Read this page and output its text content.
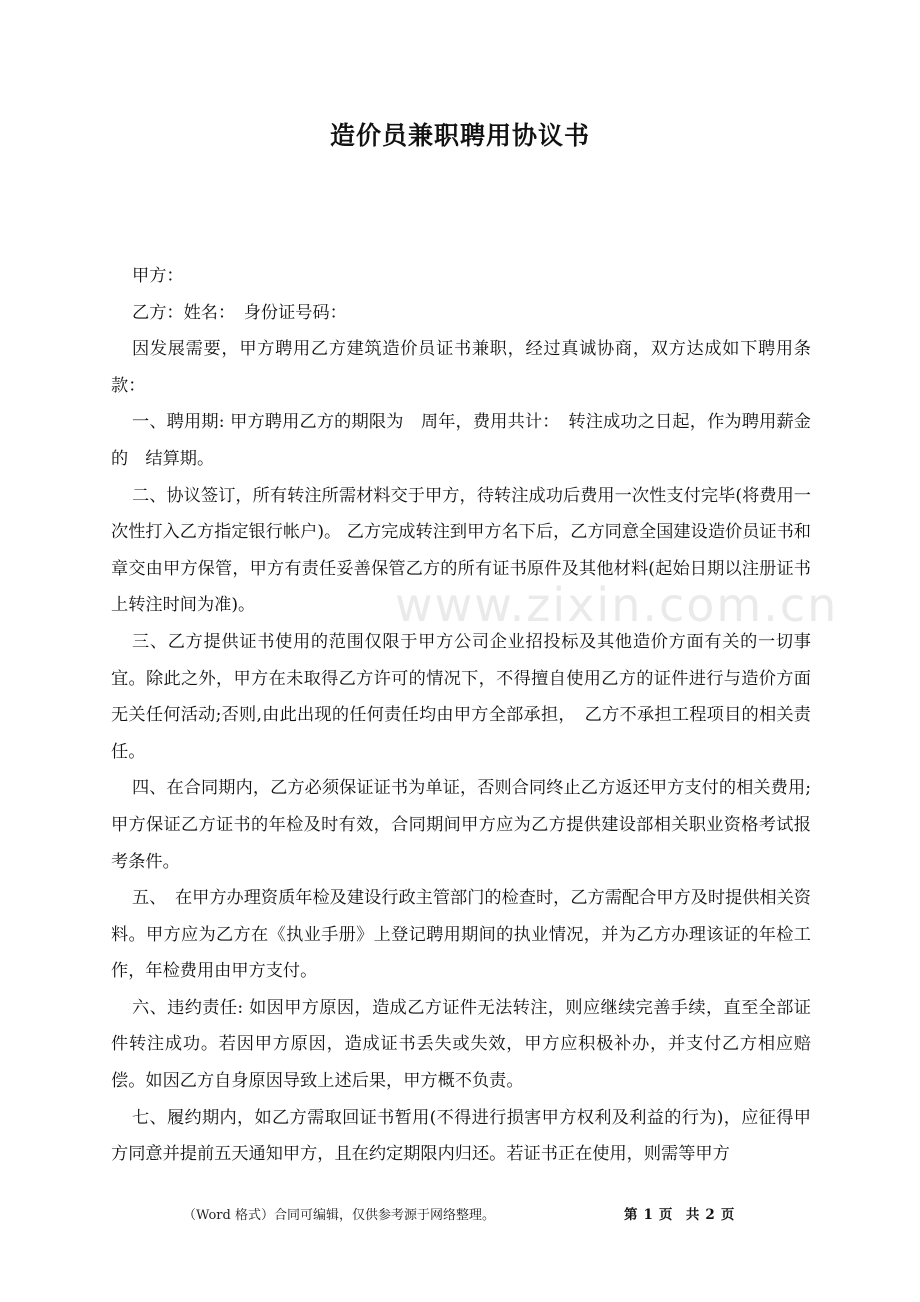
造价员兼职聘用协议书

甲方：

乙方：姓名：　身份证号码：

因发展需要，甲方聘用乙方建筑造价员证书兼职，经过真诚协商，双方达成如下聘用条款：

一、聘用期: 甲方聘用乙方的期限为　周年，费用共计：　转注成功之日起，作为聘用薪金的　结算期。

二、协议签订，所有转注所需材料交于甲方，待转注成功后费用一次性支付完毕(将费用一次性打入乙方指定银行帐户)。 乙方完成转注到甲方名下后，乙方同意全国建设造价员证书和章交由甲方保管，甲方有责任妥善保管乙方的所有证书原件及其他材料(起始日期以注册证书上转注时间为准)。

三、乙方提供证书使用的范围仅限于甲方公司企业招投标及其他造价方面有关的一切事宜。除此之外，甲方在未取得乙方许可的情况下，不得擅自使用乙方的证件进行与造价方面无关任何活动;否则,由此出现的任何责任均由甲方全部承担，　乙方不承担工程项目的相关责任。

四、在合同期内，乙方必须保证证书为单证，否则合同终止乙方返还甲方支付的相关费用;甲方保证乙方证书的年检及时有效，合同期间甲方应为乙方提供建设部相关职业资格考试报考条件。

五、　在甲方办理资质年检及建设行政主管部门的检查时，乙方需配合甲方及时提供相关资料。甲方应为乙方在《执业手册》上登记聘用期间的执业情况，并为乙方办理该证的年检工作，年检费用由甲方支付。

六、违约责任: 如因甲方原因，造成乙方证件无法转注，则应继续完善手续，直至全部证件转注成功。若因甲方原因，造成证书丢失或失效，甲方应积极补办，并支付乙方相应赔偿。如因乙方自身原因导致上述后果，甲方概不负责。

七、履约期内，如乙方需取回证书暂用(不得进行损害甲方权利及利益的行为)，应征得甲方同意并提前五天通知甲方，且在约定期限内归还。若证书正在使用，则需等甲方

www.zixin.com.cn
（Word 格式）合同可编辑，仅供参考源于网络整理。	第 1 页　共 2 页
